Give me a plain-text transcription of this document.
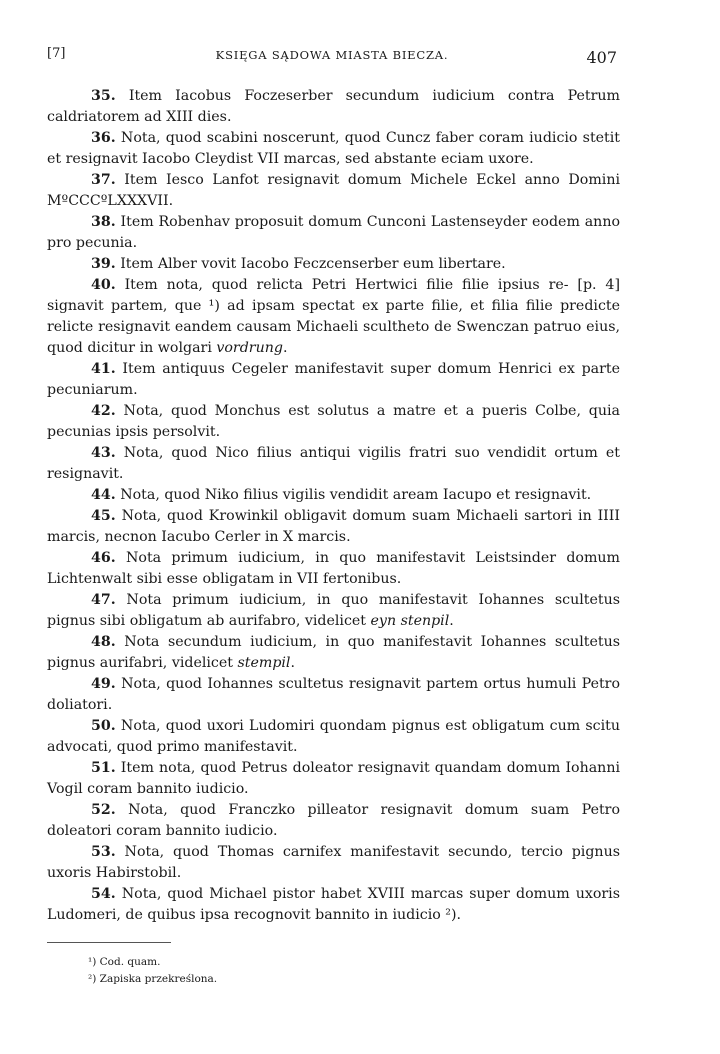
[7]	KSIĘGA SĄDOWA MIASTA BIECZA.	407

35. Item Iacobus Foczeserber secundum iudicium contra Petrum caldriatorem ad XIII dies.

36. Nota, quod scabini noscerunt, quod Cuncz faber coram iudicio stetit et resignavit Iacobo Cleydist VII marcas, sed abstante eciam uxore.

37. Item Iesco Lanfot resignavit domum Michele Eckel anno Domini MºCCCºLXXXVII.

38. Item Robenhav proposuit domum Cunconi Lastenseyder eodem anno pro pecunia.

39. Item Alber vovit Iacobo Feczcenserber eum libertare.

40. Item nota, quod relicta Petri Hertwici filie filie ipsius re- [p. 4] signavit partem, que ¹) ad ipsam spectat ex parte filie, et filia filie predicte relicte resignavit eandem causam Michaeli scultheto de Swenczan patruo eius, quod dicitur in wolgari vordrung.

41. Item antiquus Cegeler manifestavit super domum Henrici ex parte pecuniarum.

42. Nota, quod Monchus est solutus a matre et a pueris Colbe, quia pecunias ipsis persolvit.

43. Nota, quod Nico filius antiqui vigilis fratri suo vendidit ortum et resignavit.

44. Nota, quod Niko filius vigilis vendidit aream Iacupo et resignavit.

45. Nota, quod Krowinkil obligavit domum suam Michaeli sartori in IIII marcis, necnon Iacubo Cerler in X marcis.

46. Nota primum iudicium, in quo manifestavit Leistsinder domum Lichtenwalt sibi esse obligatam in VII fertonibus.

47. Nota primum iudicium, in quo manifestavit Iohannes scultetus pignus sibi obligatum ab aurifabro, videlicet eyn stenpil.

48. Nota secundum iudicium, in quo manifestavit Iohannes scultetus pignus aurifabri, videlicet stempil.

49. Nota, quod Iohannes scultetus resignavit partem ortus humuli Petro doliatori.

50. Nota, quod uxori Ludomiri quondam pignus est obligatum cum scitu advocati, quod primo manifestavit.

51. Item nota, quod Petrus doleator resignavit quandam domum Iohanni Vogil coram bannito iudicio.

52. Nota, quod Franczko pilleator resignavit domum suam Petro doleatori coram bannito iudicio.

53. Nota, quod Thomas carnifex manifestavit secundo, tercio pignus uxoris Habirstobil.

54. Nota, quod Michael pistor habet XVIII marcas super domum uxoris Ludomeri, de quibus ipsa recognovit bannito in iudicio ²).

¹) Cod. quam.

²) Zapiska przekreślona.
